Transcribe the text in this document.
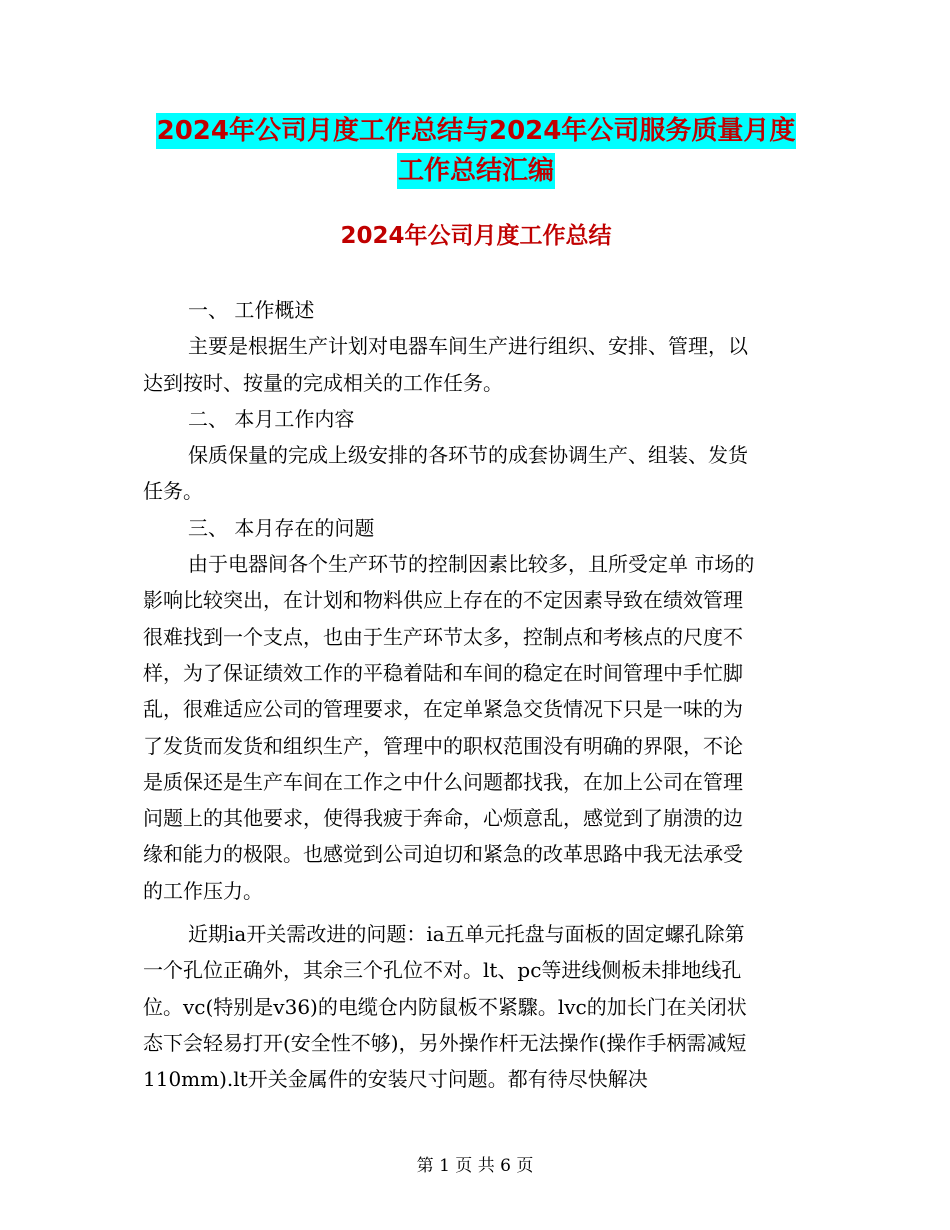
2024年公司月度工作总结与2024年公司服务质量月度
工作总结汇编
2024年公司月度工作总结
一、 工作概述
主要是根据生产计划对电器车间生产进行组织、安排、管理，以
达到按时、按量的完成相关的工作任务。
二、 本月工作内容
保质保量的完成上级安排的各环节的成套协调生产、组装、发货
任务。
三、 本月存在的问题
由于电器间各个生产环节的控制因素比较多，且所受定单 市场的
影响比较突出，在计划和物料供应上存在的不定因素导致在绩效管理
很难找到一个支点，也由于生产环节太多，控制点和考核点的尺度不
样，为了保证绩效工作的平稳着陆和车间的稳定在时间管理中手忙脚
乱，很难适应公司的管理要求，在定单紧急交货情况下只是一味的为
了发货而发货和组织生产，管理中的职权范围没有明确的界限，不论
是质保还是生产车间在工作之中什么问题都找我，在加上公司在管理
问题上的其他要求，使得我疲于奔命，心烦意乱，感觉到了崩溃的边
缘和能力的极限。也感觉到公司迫切和紧急的改革思路中我无法承受
的工作压力。
近期ia开关需改进的问题：ia五单元托盘与面板的固定螺孔除第
一个孔位正确外，其余三个孔位不对。lt、pc等进线侧板未排地线孔
位。vc(特别是v36)的电缆仓内防鼠板不紧驟。lvc的加长门在关闭状
态下会轻易打开(安全性不够)，另外操作杆无法操作(操作手柄需减短
110mm).lt开关金属件的安装尺寸问题。都有待尽快解决
第 1 页 共 6 页
